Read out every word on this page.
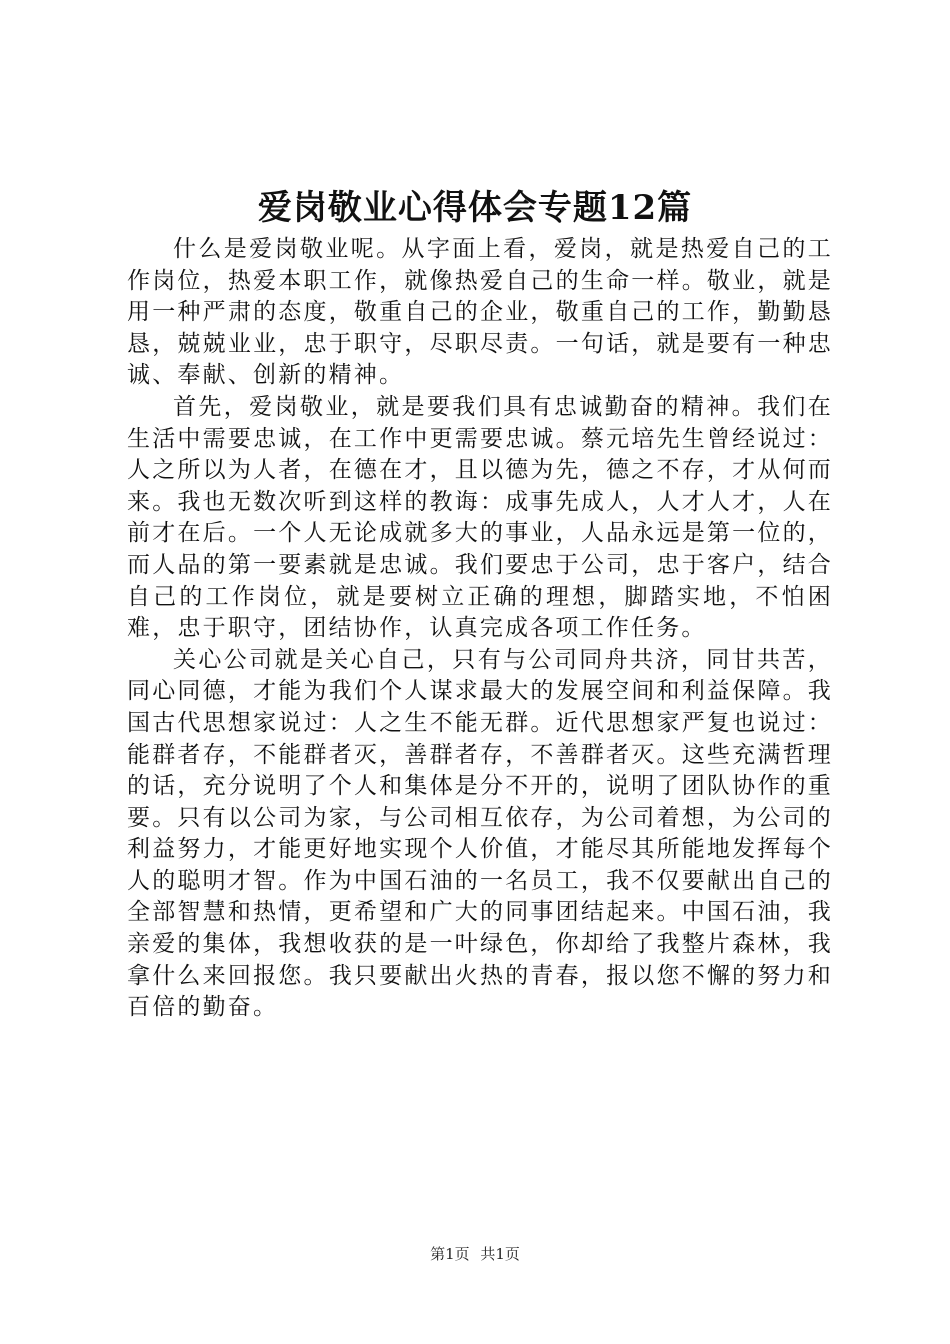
爱岗敬业心得体会专题12篇

什么是爱岗敬业呢。从字面上看，爱岗，就是热爱自己的工作岗位，热爱本职工作，就像热爱自己的生命一样。敬业，就是用一种严肃的态度，敬重自己的企业，敬重自己的工作，勤勤恳恳，兢兢业业，忠于职守，尽职尽责。一句话，就是要有一种忠诚、奉献、创新的精神。

首先，爱岗敬业，就是要我们具有忠诚勤奋的精神。我们在生活中需要忠诚，在工作中更需要忠诚。蔡元培先生曾经说过：人之所以为人者，在德在才，且以德为先，德之不存，才从何而来。我也无数次听到这样的教诲：成事先成人，人才人才，人在前才在后。一个人无论成就多大的事业，人品永远是第一位的，而人品的第一要素就是忠诚。我们要忠于公司，忠于客户，结合自己的工作岗位，就是要树立正确的理想，脚踏实地，不怕困难，忠于职守，团结协作，认真完成各项工作任务。

关心公司就是关心自己，只有与公司同舟共济，同甘共苦，同心同德，才能为我们个人谋求最大的发展空间和利益保障。我国古代思想家说过：人之生不能无群。近代思想家严复也说过：能群者存，不能群者灭，善群者存，不善群者灭。这些充满哲理的话，充分说明了个人和集体是分不开的，说明了团队协作的重要。只有以公司为家，与公司相互依存，为公司着想，为公司的利益努力，才能更好地实现个人价值，才能尽其所能地发挥每个人的聪明才智。作为中国石油的一名员工，我不仅要献出自己的全部智慧和热情，更希望和广大的同事团结起来。中国石油，我亲爱的集体，我想收获的是一叶绿色，你却给了我整片森林，我拿什么来回报您。我只要献出火热的青春，报以您不懈的努力和百倍的勤奋。

第1页 共1页
